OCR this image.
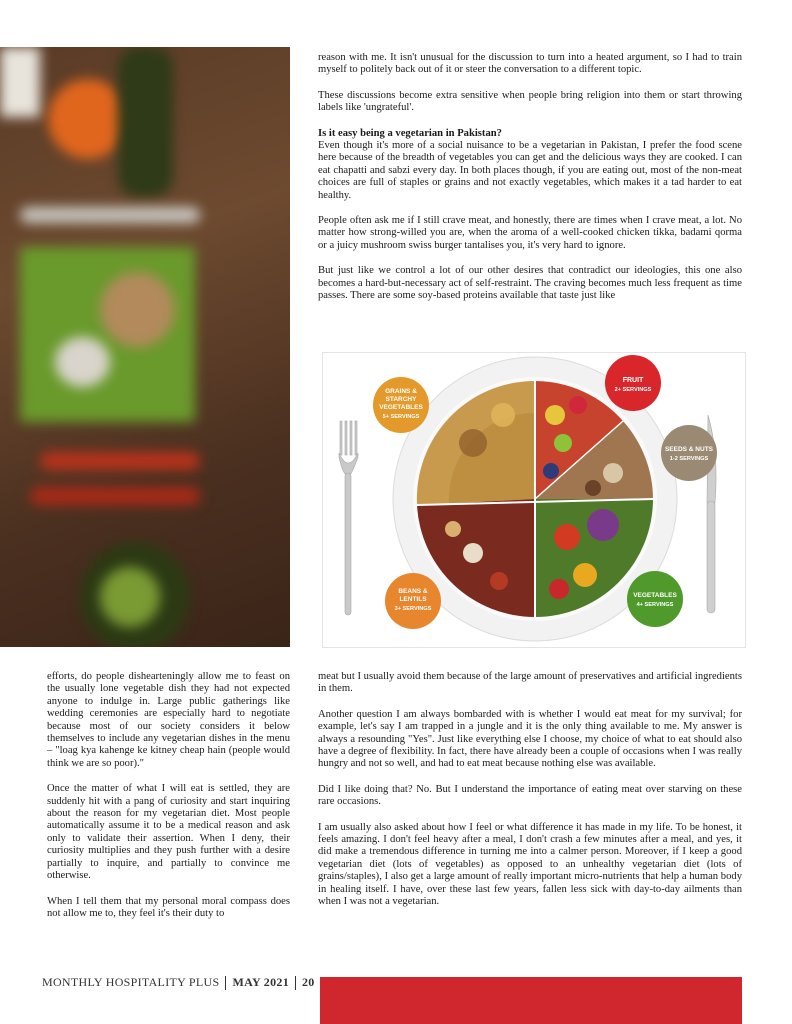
reason with me. It isn't unusual for the discussion to turn into a heated argument, so I had to train myself to politely back out of it or steer the conversation to a different topic.

These discussions become extra sensitive when people bring religion into them or start throwing labels like 'ungrateful'.

Is it easy being a vegetarian in Pakistan?

Even though it's more of a social nuisance to be a vegetarian in Pakistan, I prefer the food scene here because of the breadth of vegetables you can get and the delicious ways they are cooked. I can eat chapatti and sabzi every day. In both places though, if you are eating out, most of the non-meat choices are full of staples or grains and not exactly vegetables, which makes it a tad harder to eat healthy.

People often ask me if I still crave meat, and honestly, there are times when I crave meat, a lot. No matter how strong-willed you are, when the aroma of a well-cooked chicken tikka, badami qorma or a juicy mushroom swiss burger tantalises you, it's very hard to ignore.

But just like we control a lot of our other desires that contradict our ideologies, this one also becomes a hard-but-necessary act of self-restraint. The craving becomes much less frequent as time passes. There are some soy-based proteins available that taste just like

GRAINS &
STARCHY
VEGETABLES
5+ SERVINGS
FRUIT
2+ SERVINGS
SEEDS & NUTS
1-2 SERVINGS
BEANS &
LENTILS
3+ SERVINGS
VEGETABLES
4+ SERVINGS

efforts, do people dishearteningly allow me to feast on the usually lone vegetable dish they had not expected anyone to indulge in. Large public gatherings like wedding ceremonies are especially hard to negotiate because most of our society considers it below themselves to include any vegetarian dishes in the menu – "loag kya kahenge ke kitney cheap hain (people would think we are so poor)."

Once the matter of what I will eat is settled, they are suddenly hit with a pang of curiosity and start inquiring about the reason for my vegetarian diet. Most people automatically assume it to be a medical reason and ask only to validate their assertion. When I deny, their curiosity multiplies and they push further with a desire partially to inquire, and partially to convince me otherwise.

When I tell them that my personal moral compass does not allow me to, they feel it's their duty to

meat but I usually avoid them because of the large amount of preservatives and artificial ingredients in them.

Another question I am always bombarded with is whether I would eat meat for my survival; for example, let's say I am trapped in a jungle and it is the only thing available to me. My answer is always a resounding "Yes". Just like everything else I choose, my choice of what to eat should also have a degree of flexibility. In fact, there have already been a couple of occasions when I was really hungry and not so well, and had to eat meat because nothing else was available.

Did I like doing that? No. But I understand the importance of eating meat over starving on these rare occasions.

I am usually also asked about how I feel or what difference it has made in my life. To be honest, it feels amazing. I don't feel heavy after a meal, I don't crash a few minutes after a meal, and yes, it did make a tremendous difference in turning me into a calmer person. Moreover, if I keep a good vegetarian diet (lots of vegetables) as opposed to an unhealthy vegetarian diet (lots of grains/staples), I also get a large amount of really important micro-nutrients that help a human body in healing itself. I have, over these last few years, fallen less sick with day-to-day ailments than when I was not a vegetarian.

MONTHLY HOSPITALITY PLUS MAY 2021 20
